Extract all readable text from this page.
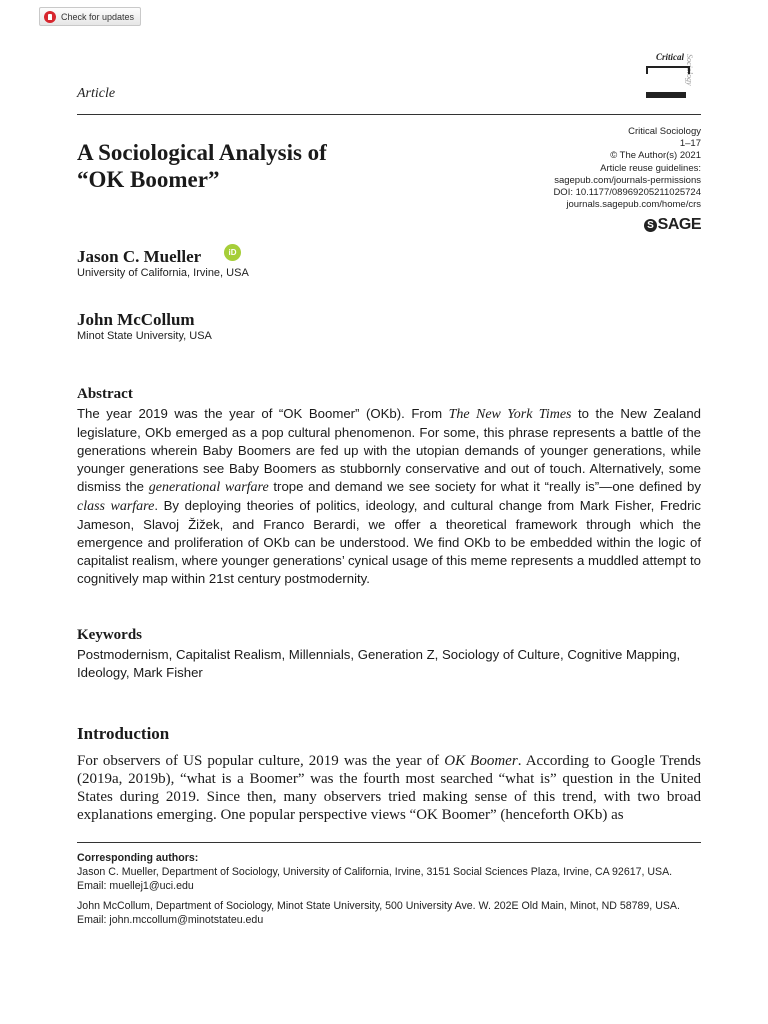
Check for updates
Critical Sociology
Article
Critical Sociology
1–17
© The Author(s) 2021
Article reuse guidelines:
sagepub.com/journals-permissions
DOI: 10.1177/08969205211025724
journals.sagepub.com/home/crs
S SAGE
A Sociological Analysis of
“OK Boomer”
Jason C. Mueller	iD
University of California, Irvine, USA
John McCollum
Minot State University, USA
Abstract

The year 2019 was the year of “OK Boomer” (OKb). From The New York Times to the New Zealand legislature, OKb emerged as a pop cultural phenomenon. For some, this phrase represents a battle of the generations wherein Baby Boomers are fed up with the utopian demands of younger generations, while younger generations see Baby Boomers as stubbornly conservative and out of touch. Alternatively, some dismiss the generational warfare trope and demand we see society for what it “really is”—one defined by class warfare. By deploying theories of politics, ideology, and cultural change from Mark Fisher, Fredric Jameson, Slavoj Žižek, and Franco Berardi, we offer a theoretical framework through which the emergence and proliferation of OKb can be understood. We find OKb to be embedded within the logic of capitalist realism, where younger generations’ cynical usage of this meme represents a muddled attempt to cognitively map within 21st century postmodernity.

Keywords

Postmodernism, Capitalist Realism, Millennials, Generation Z, Sociology of Culture, Cognitive Mapping, Ideology, Mark Fisher

Introduction

For observers of US popular culture, 2019 was the year of OK Boomer. According to Google Trends (2019a, 2019b), “what is a Boomer” was the fourth most searched “what is” question in the United States during 2019. Since then, many observers tried making sense of this trend, with two broad explanations emerging. One popular perspective views “OK Boomer” (henceforth OKb) as

Corresponding authors:

Jason C. Mueller, Department of Sociology, University of California, Irvine, 3151 Social Sciences Plaza, Irvine, CA 92617, USA.

Email: muellej1@uci.edu

John McCollum, Department of Sociology, Minot State University, 500 University Ave. W. 202E Old Main, Minot, ND 58789, USA.

Email: john.mccollum@minotstateu.edu
